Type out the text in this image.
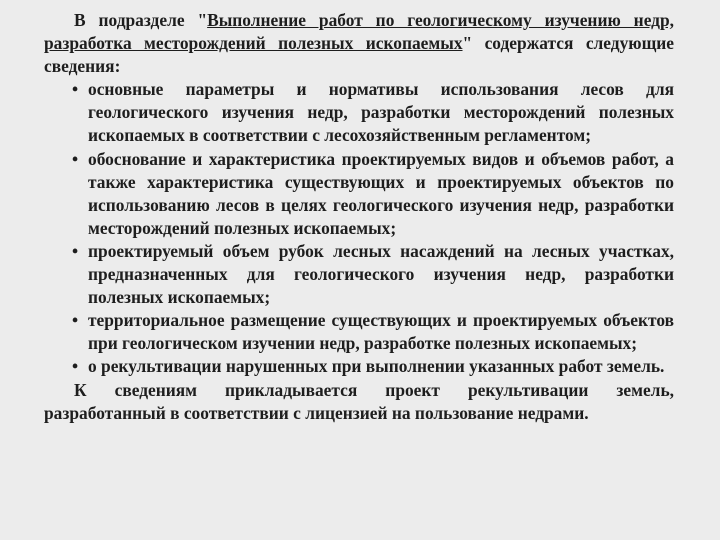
В подразделе "Выполнение работ по геологическому изучению недр, разработка месторождений полезных ископаемых" содержатся следующие сведения:

• основные параметры и нормативы использования лесов для геологического изучения недр, разработки месторождений полезных ископаемых в соответствии с лесохозяйственным регламентом;
• обоснование и характеристика проектируемых видов и объемов работ, а также характеристика существующих и проектируемых объектов по использованию лесов в целях геологического изучения недр, разработки месторождений полезных ископаемых;
• проектируемый объем рубок лесных насаждений на лесных участках, предназначенных для геологического изучения недр, разработки полезных ископаемых;
• территориальное размещение существующих и проектируемых объектов при геологическом изучении недр, разработке полезных ископаемых;
• о рекультивации нарушенных при выполнении указанных работ земель.

К сведениям прикладывается проект рекультивации земель, разработанный в соответствии с лицензией на пользование недрами.
